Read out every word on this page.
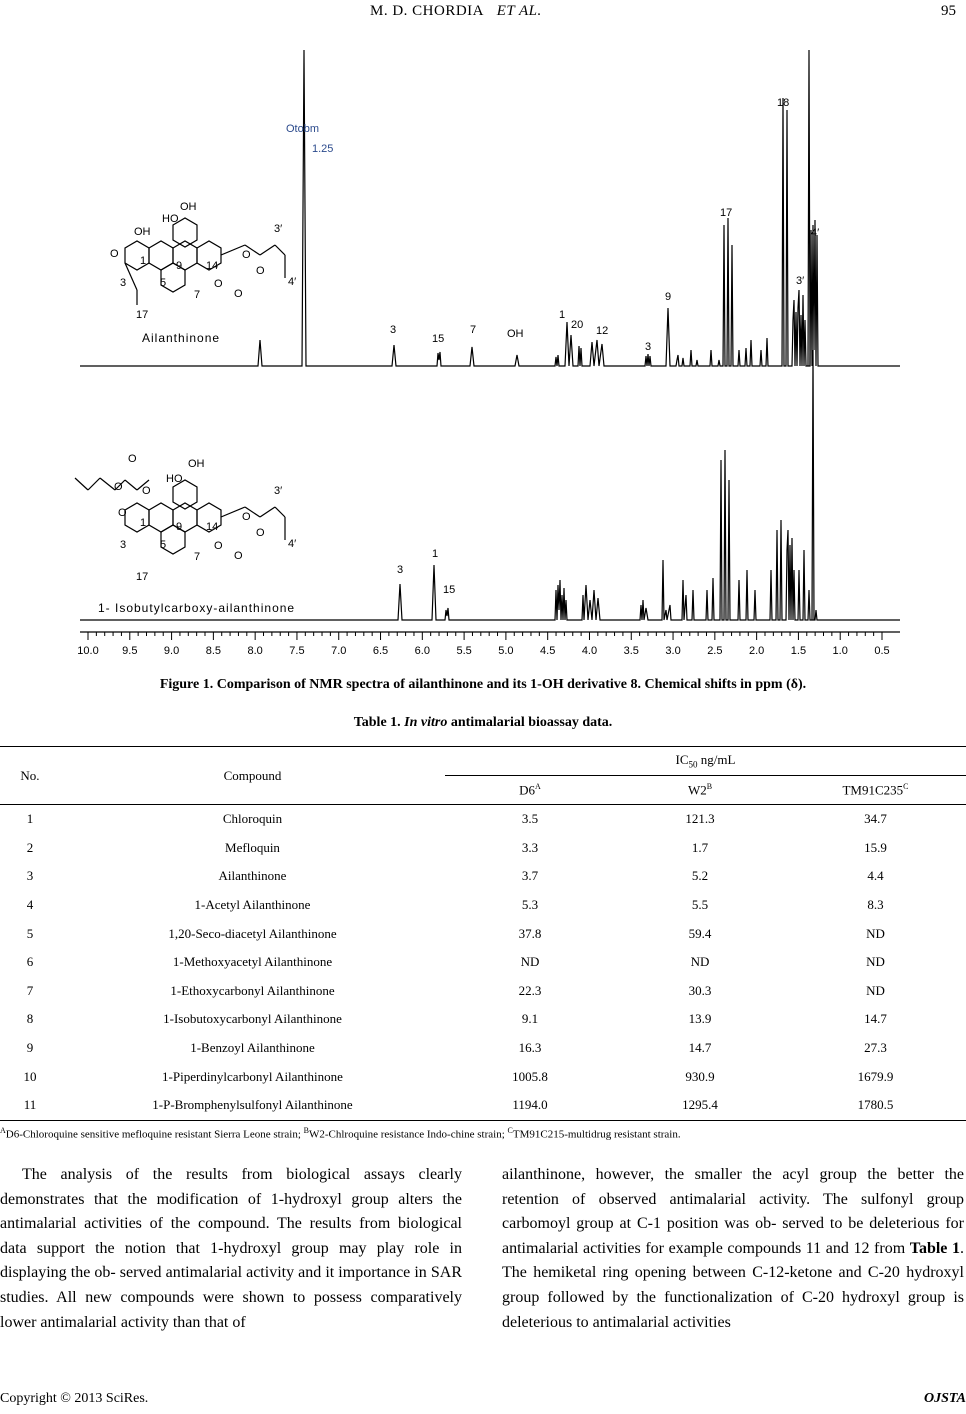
M. D. CHORDIA ET AL.	95
Otobm
1.25
3
15
7	OH
1
20 12
3
9
17
18
3′
4′
OH
HO
OH
O
1	9 14
3′
4′
O
O
3	5
7
O
O
17
Ailanthinone
3
1
15
OH
HO
O
O O
O
1	9 14
3′
4′
O
O
3	5
7
O
O
17
1- Isobutylcarboxy-ailanthinone
10.0 9.5 9.0 8.5 8.0 7.5 7.0 6.5 6.0 5.5 5.0 4.5 4.0 3.5 3.0 2.5 2.0 1.5 1.0 0.5
Figure 1. Comparison of NMR spectra of ailanthinone and its 1-OH derivative 8. Chemical shifts in ppm (δ).
Table 1. In vitro antimalarial bioassay data.
No.	Compound	$IC_{50}$ ng/mL		
		$D6^A$	$W2^B$	$TM91C235^C$
1	Chloroquin	3.5	121.3	34.7
2	Mefloquin	3.3	1.7	15.9
3	Ailanthinone	3.7	5.2	4.4
4	1-Acetyl Ailanthinone	5.3	5.5	8.3
5	1,20-Seco-diacetyl Ailanthinone	37.8	59.4	ND
6	1-Methoxyacetyl Ailanthinone	ND	ND	ND
7	1-Ethoxycarbonyl Ailanthinone	22.3	30.3	ND
8	1-Isobutoxycarbonyl Ailanthinone	9.1	13.9	14.7
9	1-Benzoyl Ailanthinone	16.3	14.7	27.3
10	1-Piperdinylcarbonyl Ailanthinone	1005.8	930.9	1679.9
11	1-P-Bromphenylsulfonyl Ailanthinone	1194.0	1295.4	1780.5
$^A$D6-Chloroquine sensitive mefloquine resistant Sierra Leone strain; $^B$W2-Chlroquine resistance Indo-chine strain; $^C$TM91C215-multidrug resistant strain.

The analysis of the results from biological assays clearly demonstrates that the modification of 1-hydroxyl group alters the antimalarial activities of the compound. The results from biological data support the notion that 1-hydroxyl group may play role in displaying the ob- served antimalarial activity and it importance in SAR studies. All new compounds were shown to possess comparatively lower antimalarial activity than that of

ailanthinone, however, the smaller the acyl group the better the retention of observed antimalarial activity. The sulfonyl group carbomoyl group at C-1 position was ob- served to be deleterious for antimalarial activities for example compounds 11 and 12 from Table 1. The hemiketal ring opening between C-12-ketone and C-20 hydroxyl group followed by the functionalization of C-20 hydroxyl group is deleterious to antimalarial activities

Copyright © 2013 SciRes.	OJSTA
